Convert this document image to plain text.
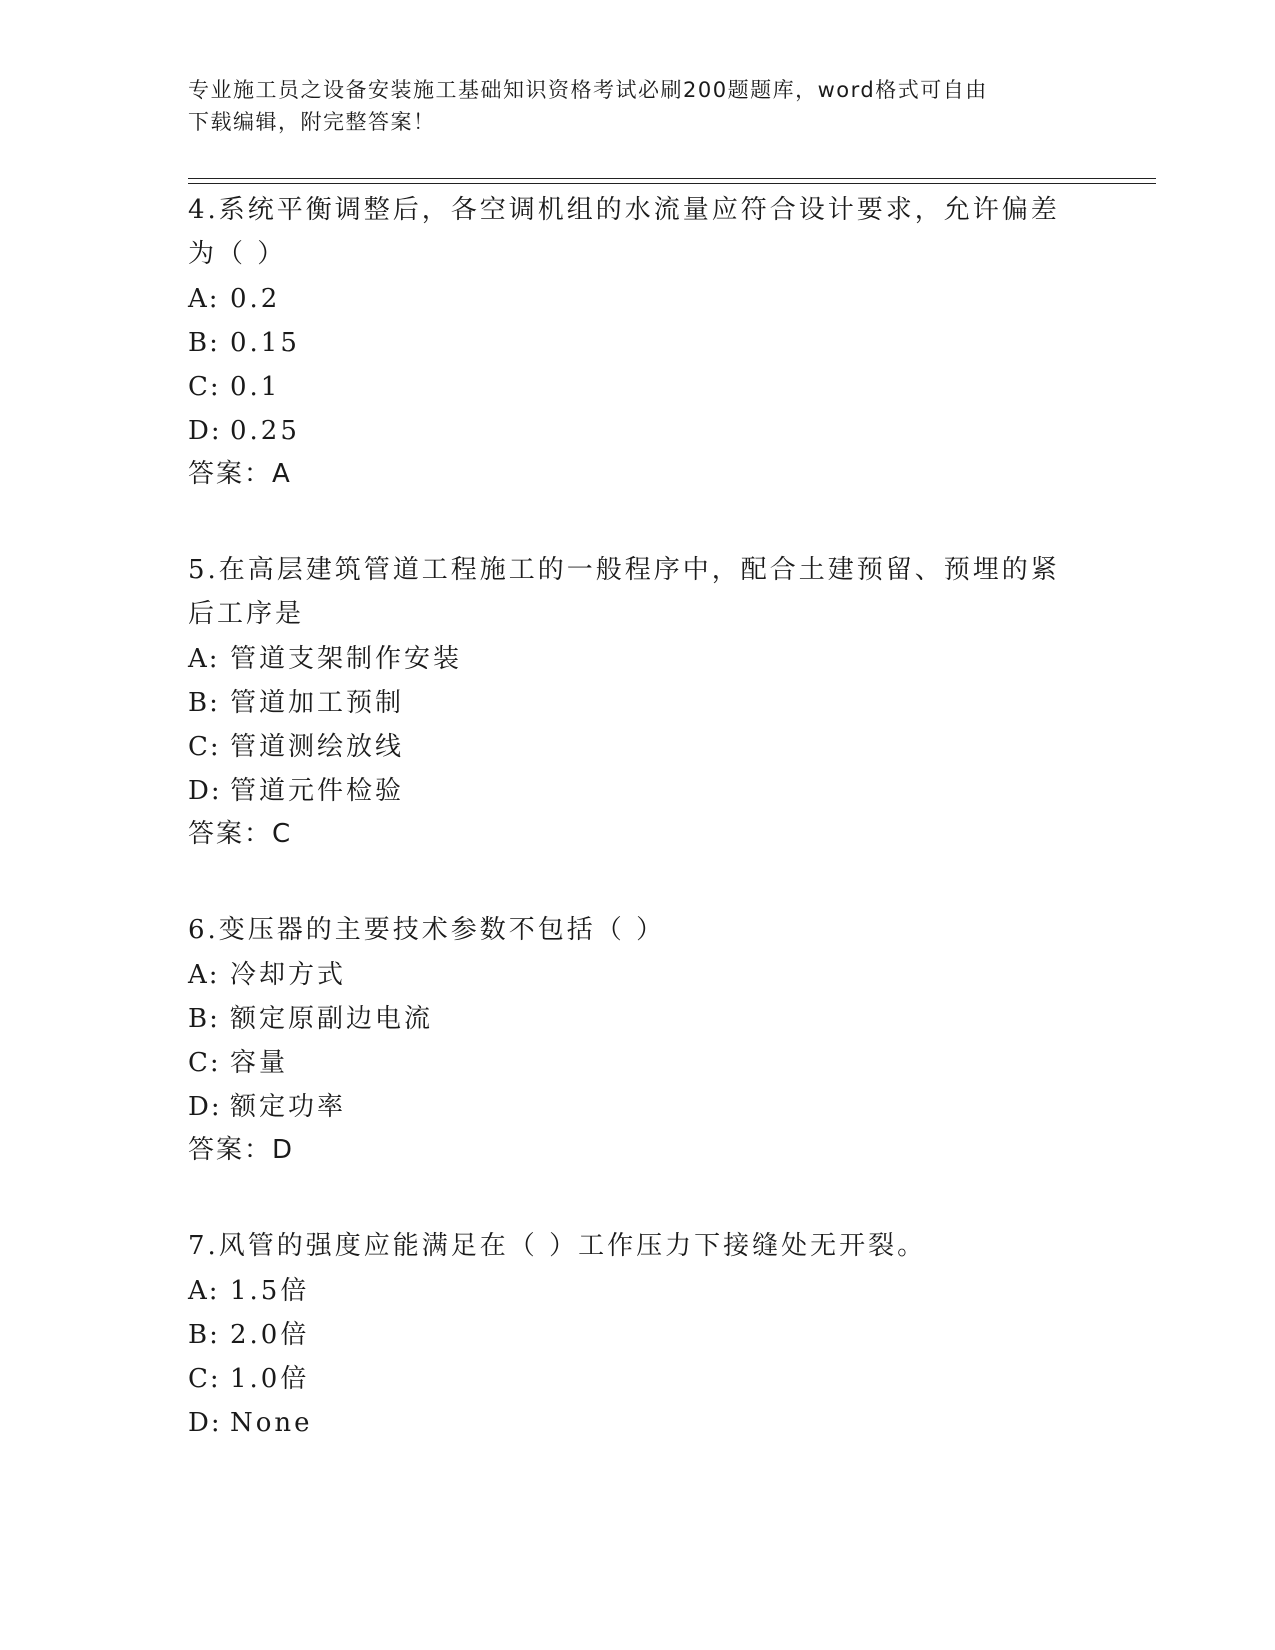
专业施工员之设备安装施工基础知识资格考试必刷200题题库，word格式可自由
下载编辑，附完整答案！
4.系统平衡调整后，各空调机组的水流量应符合设计要求，允许偏差
为（ ）
A: 0.2
B: 0.15
C: 0.1
D: 0.25
答案：A
5.在高层建筑管道工程施工的一般程序中，配合土建预留、预埋的紧
后工序是
A: 管道支架制作安装
B: 管道加工预制
C: 管道测绘放线
D: 管道元件检验
答案：C
6.变压器的主要技术参数不包括（ ）
A: 冷却方式
B: 额定原副边电流
C: 容量
D: 额定功率
答案：D
7.风管的强度应能满足在（ ）工作压力下接缝处无开裂。
A: 1.5倍
B: 2.0倍
C: 1.0倍
D: None
